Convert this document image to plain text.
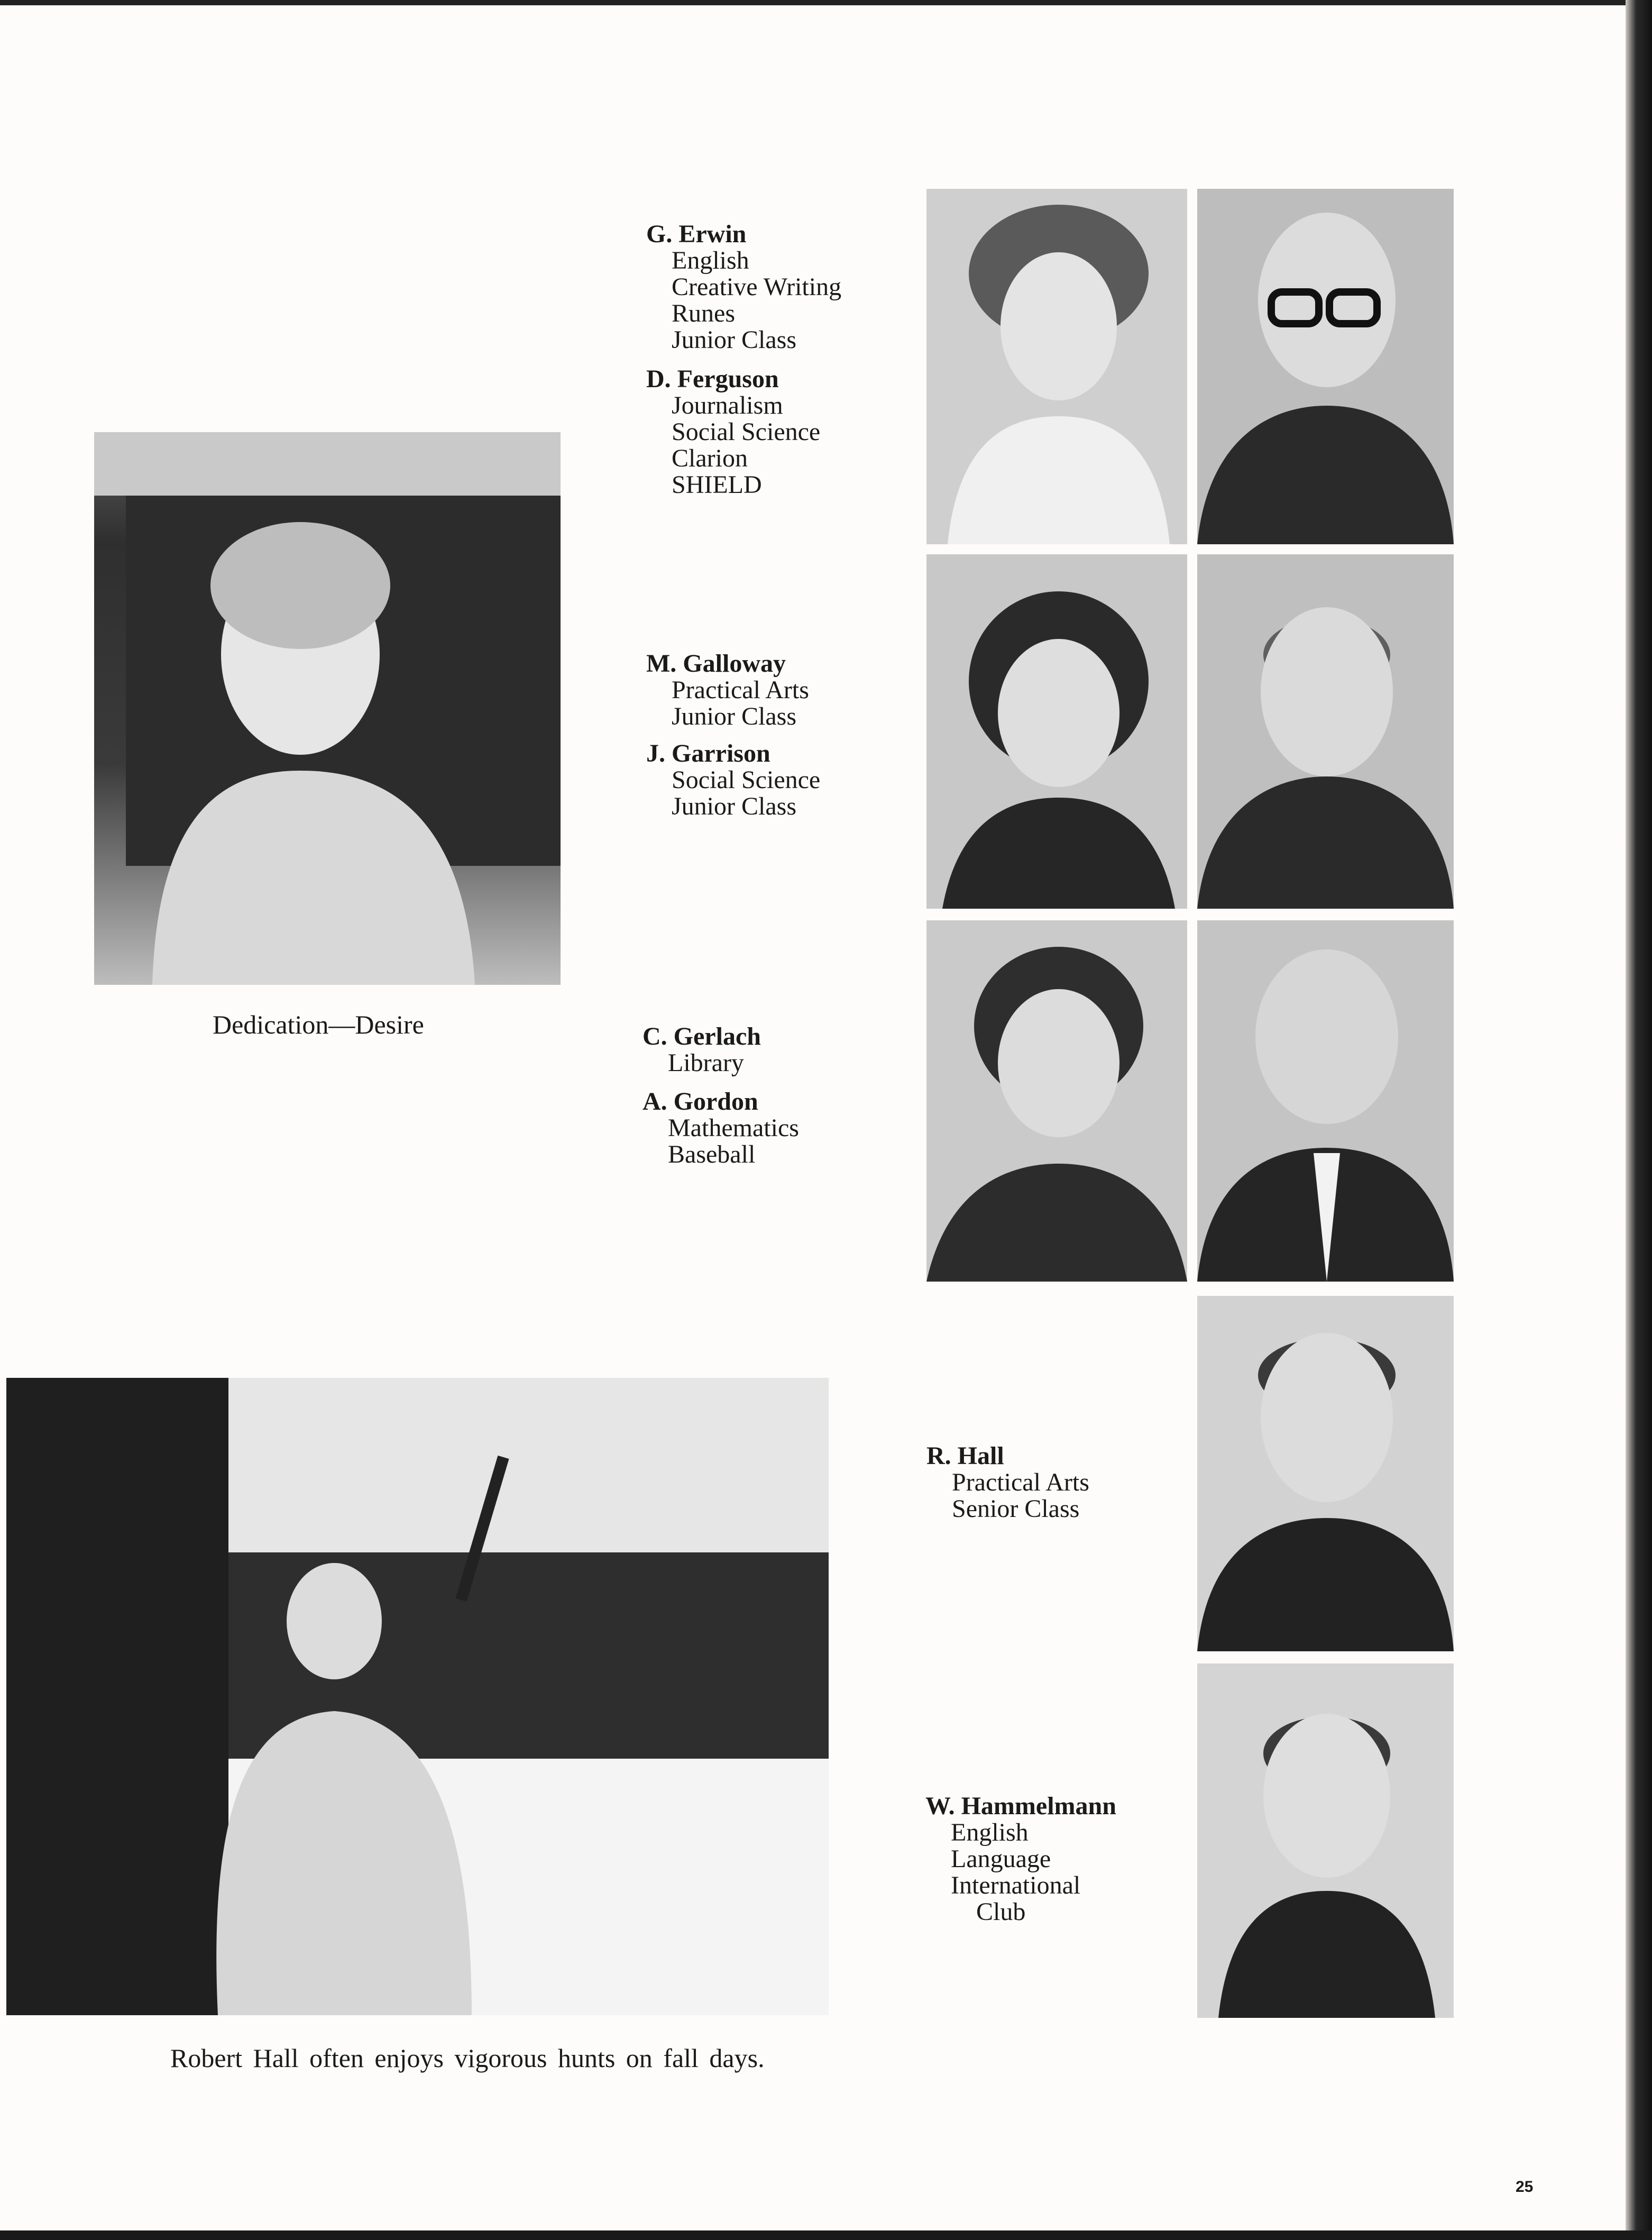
Dedication—Desire
G. Erwin
English
Creative Writing
Runes
Junior Class
D. Ferguson
Journalism
Social Science
Clarion
SHIELD
M. Galloway
Practical Arts
Junior Class
J. Garrison
Social Science
Junior Class
C. Gerlach
Library
A. Gordon
Mathematics
Baseball
R. Hall
Practical Arts
Senior Class
W. Hammelmann
English
Language
International
Club
Robert Hall often enjoys vigorous hunts on fall days.
25
